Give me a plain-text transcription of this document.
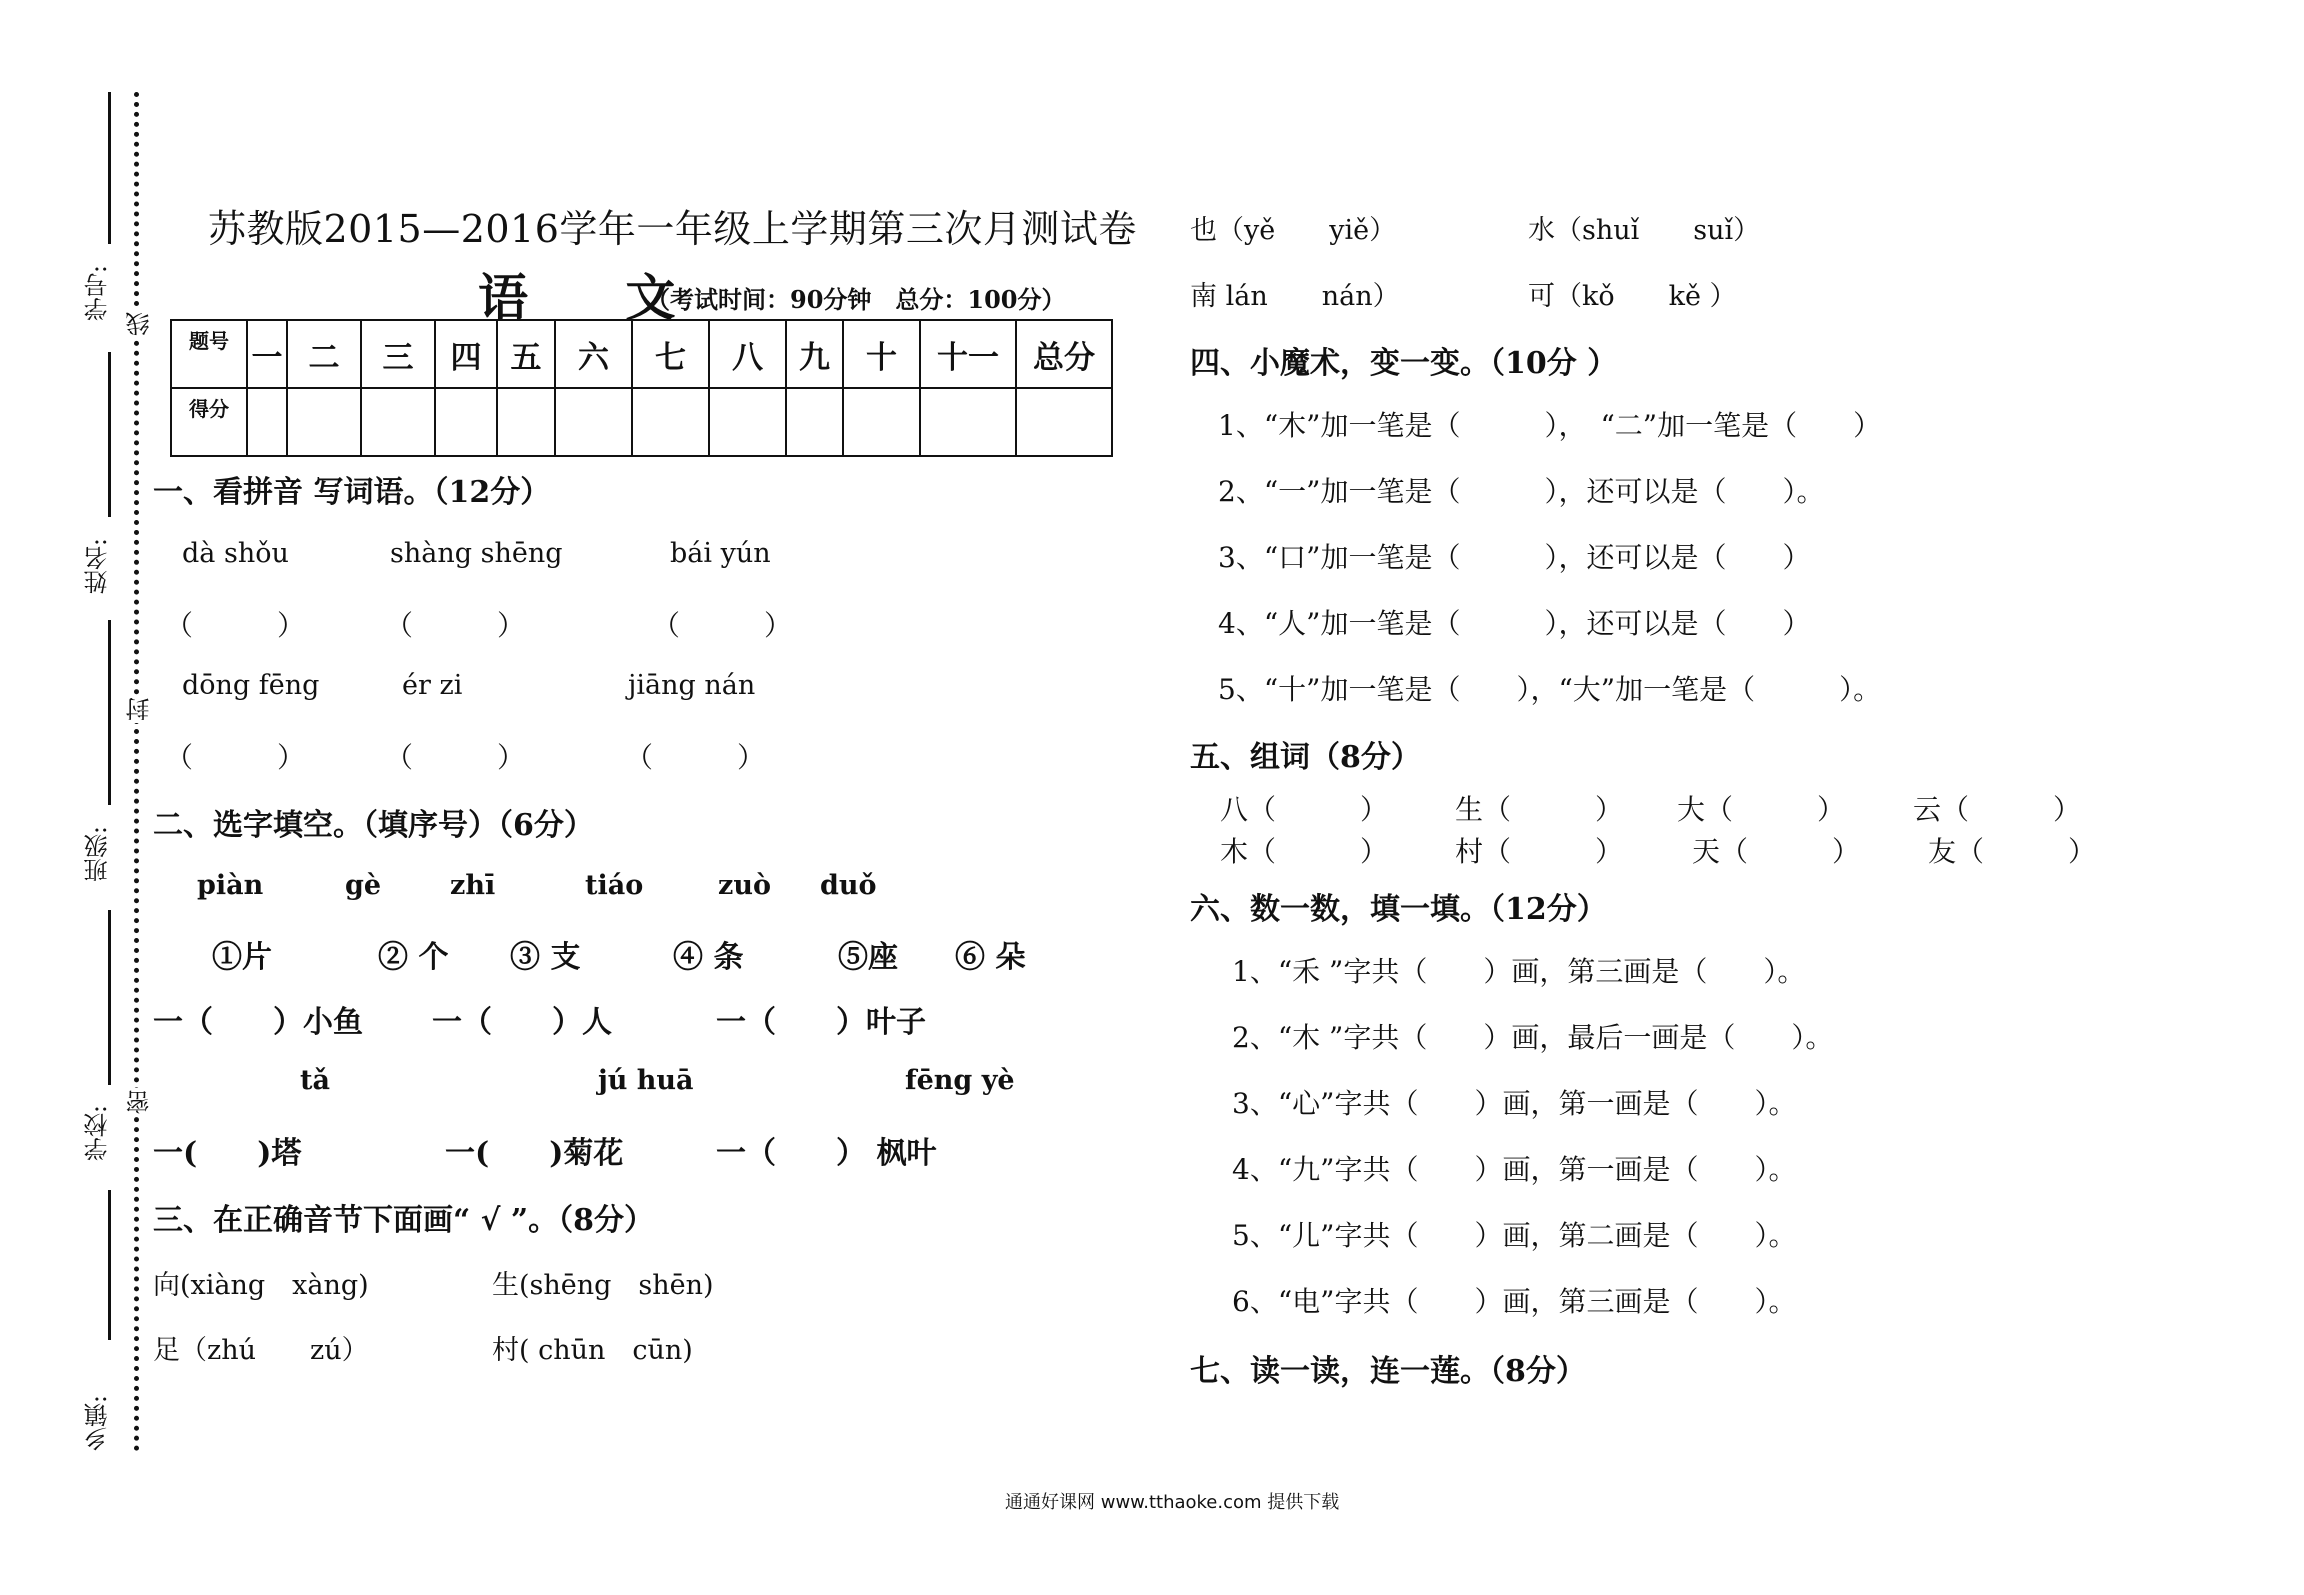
学号:
姓名:
班级:
学校:
乡镇:
线
封
密
苏教版2015—2016学年一年级上学期第三次月测试卷
语 文
（考试时间：90分钟　总分：100分）
题号	一	二	三	四	五	六	七	八	九	十	十一	总分
得分												
一、看拼音 写词语。（12分）
dà shǒu	shàng shēng	bái yún
（　　　）	（　　　）	（　　　）
dōng fēng	ér zi	jiāng nán
（　　　）	（　　　）	（　　　）
二、选字填空。（填序号）（6分）
piàn	gè	zhī	tiáo	zuò duǒ
①片	② 个 ③ 支	④ 条	⑤座 ⑥ 朵
一（　　）小鱼 一（　　）人	一（　　）叶子
tǎ	jú huā	fēng yè
一(　　)塔	一(　　)菊花	一（　　） 枫叶
三、在正确音节下面画“ √ ”。（8分）
向(xiàng　xàng)	生(shēng　shēn)
足（zhú　　zú）	村( chūn　cūn)
也（yě　　yiě）	水（shuǐ　　suǐ）
南 lán　　nán）	可（kǒ　　kě ）
四、小魔术，变一变。（10分 ）
1、“木”加一笔是（　　　），　“二”加一笔是（　　）
2、“一”加一笔是（　　　），还可以是（　　）。
3、“口”加一笔是（　　　），还可以是（　　）
4、“人”加一笔是（　　　），还可以是（　　）
5、“十”加一笔是（　　），“大”加一笔是（　　　）。
五、组词（8分）
八（　　　） 生（　　　） 大（　　　） 云（　　　）
木（　　　） 村（　　　） 天（　　　） 友（　　　）
六、数一数，填一填。（12分）
1、“禾 ”字共（　　）画，第三画是（　　）。
2、“木 ”字共（　　）画，最后一画是（　　）。
3、“心”字共（　　）画，第一画是（　　）。
4、“九”字共（　　）画，第一画是（　　）。
5、“儿”字共（　　）画，第二画是（　　）。
6、“电”字共（　　）画，第三画是（　　）。
七、读一读，连一莲。（8分）
通通好课网 www.tthaoke.com 提供下载
